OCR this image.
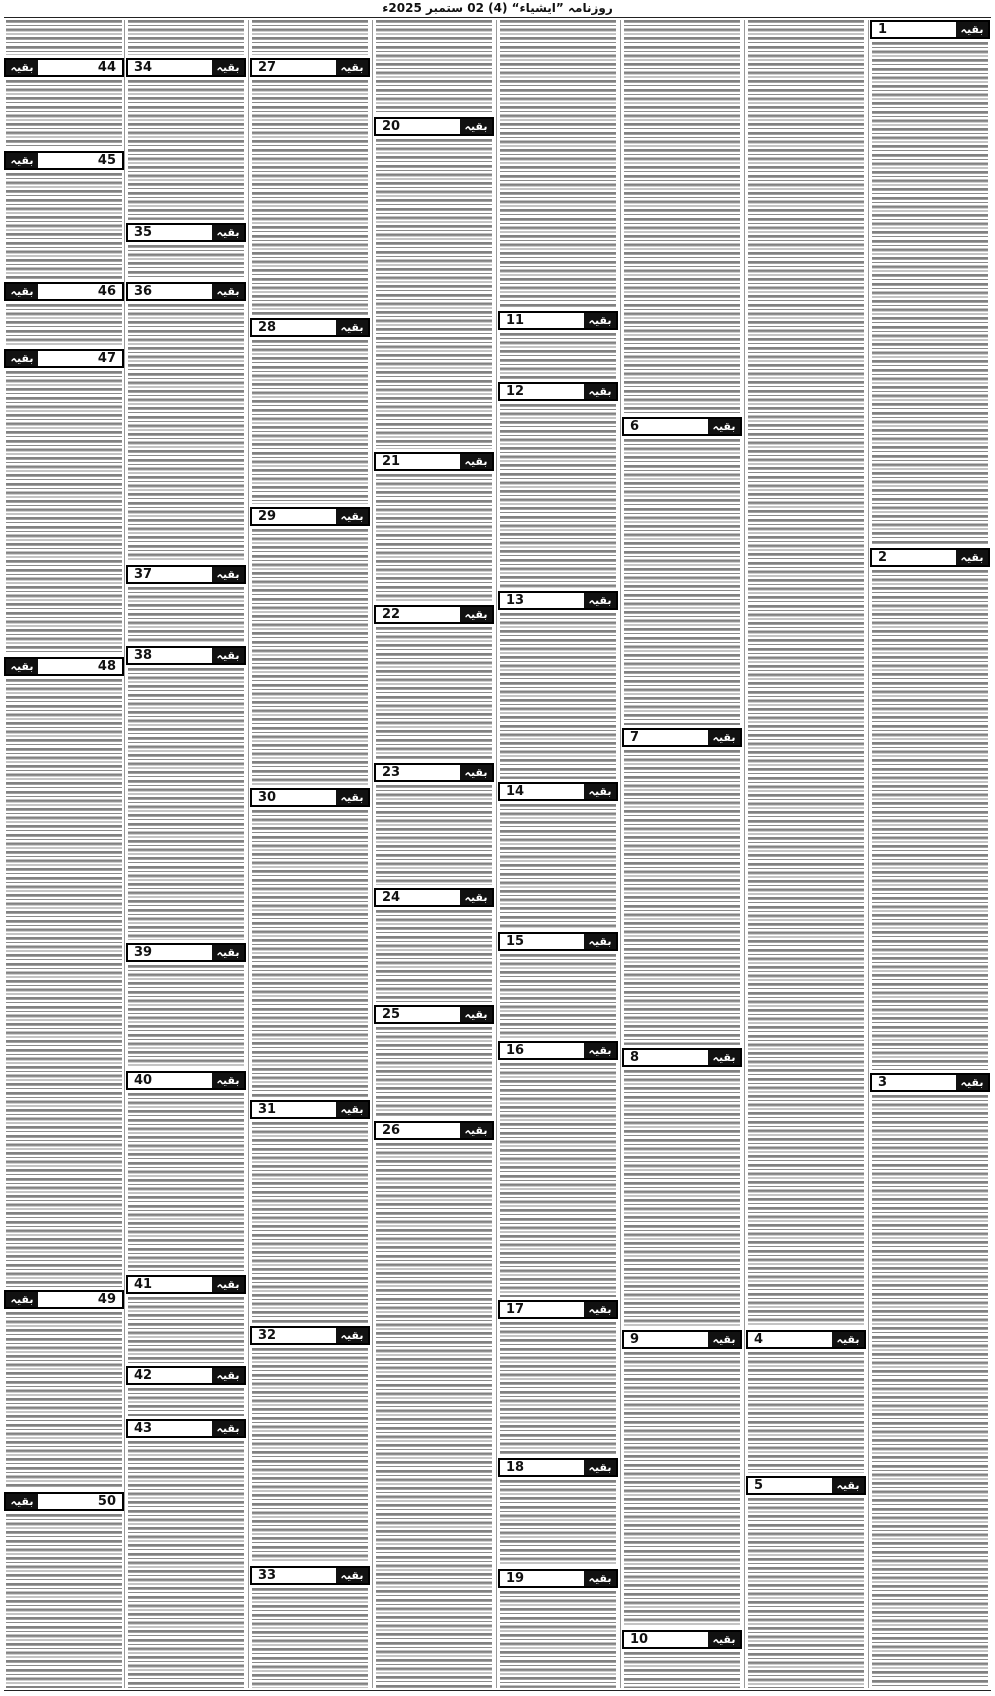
روزنامہ ”ایشیاء“ (4) 02 ستمبر 2025ء
1	بقیہ
2	بقیہ
3	بقیہ
4	بقیہ
5	بقیہ
6	بقیہ
7	بقیہ
8	بقیہ
9	بقیہ
10	بقیہ
11	بقیہ
12	بقیہ
13	بقیہ
14	بقیہ
15	بقیہ
16	بقیہ
17	بقیہ
18	بقیہ
19	بقیہ
20	بقیہ
21	بقیہ
22	بقیہ
23	بقیہ
24	بقیہ
25	بقیہ
26	بقیہ
27	بقیہ
28	بقیہ
29	بقیہ
30	بقیہ
31	بقیہ
32	بقیہ
33	بقیہ
34	بقیہ
35	بقیہ
36	بقیہ
37	بقیہ
38	بقیہ
39	بقیہ
40	بقیہ
41	بقیہ
42	بقیہ
43	بقیہ
44
بقیہ
45
بقیہ
46
بقیہ
47
بقیہ
48
بقیہ
49
بقیہ
50
بقیہ
